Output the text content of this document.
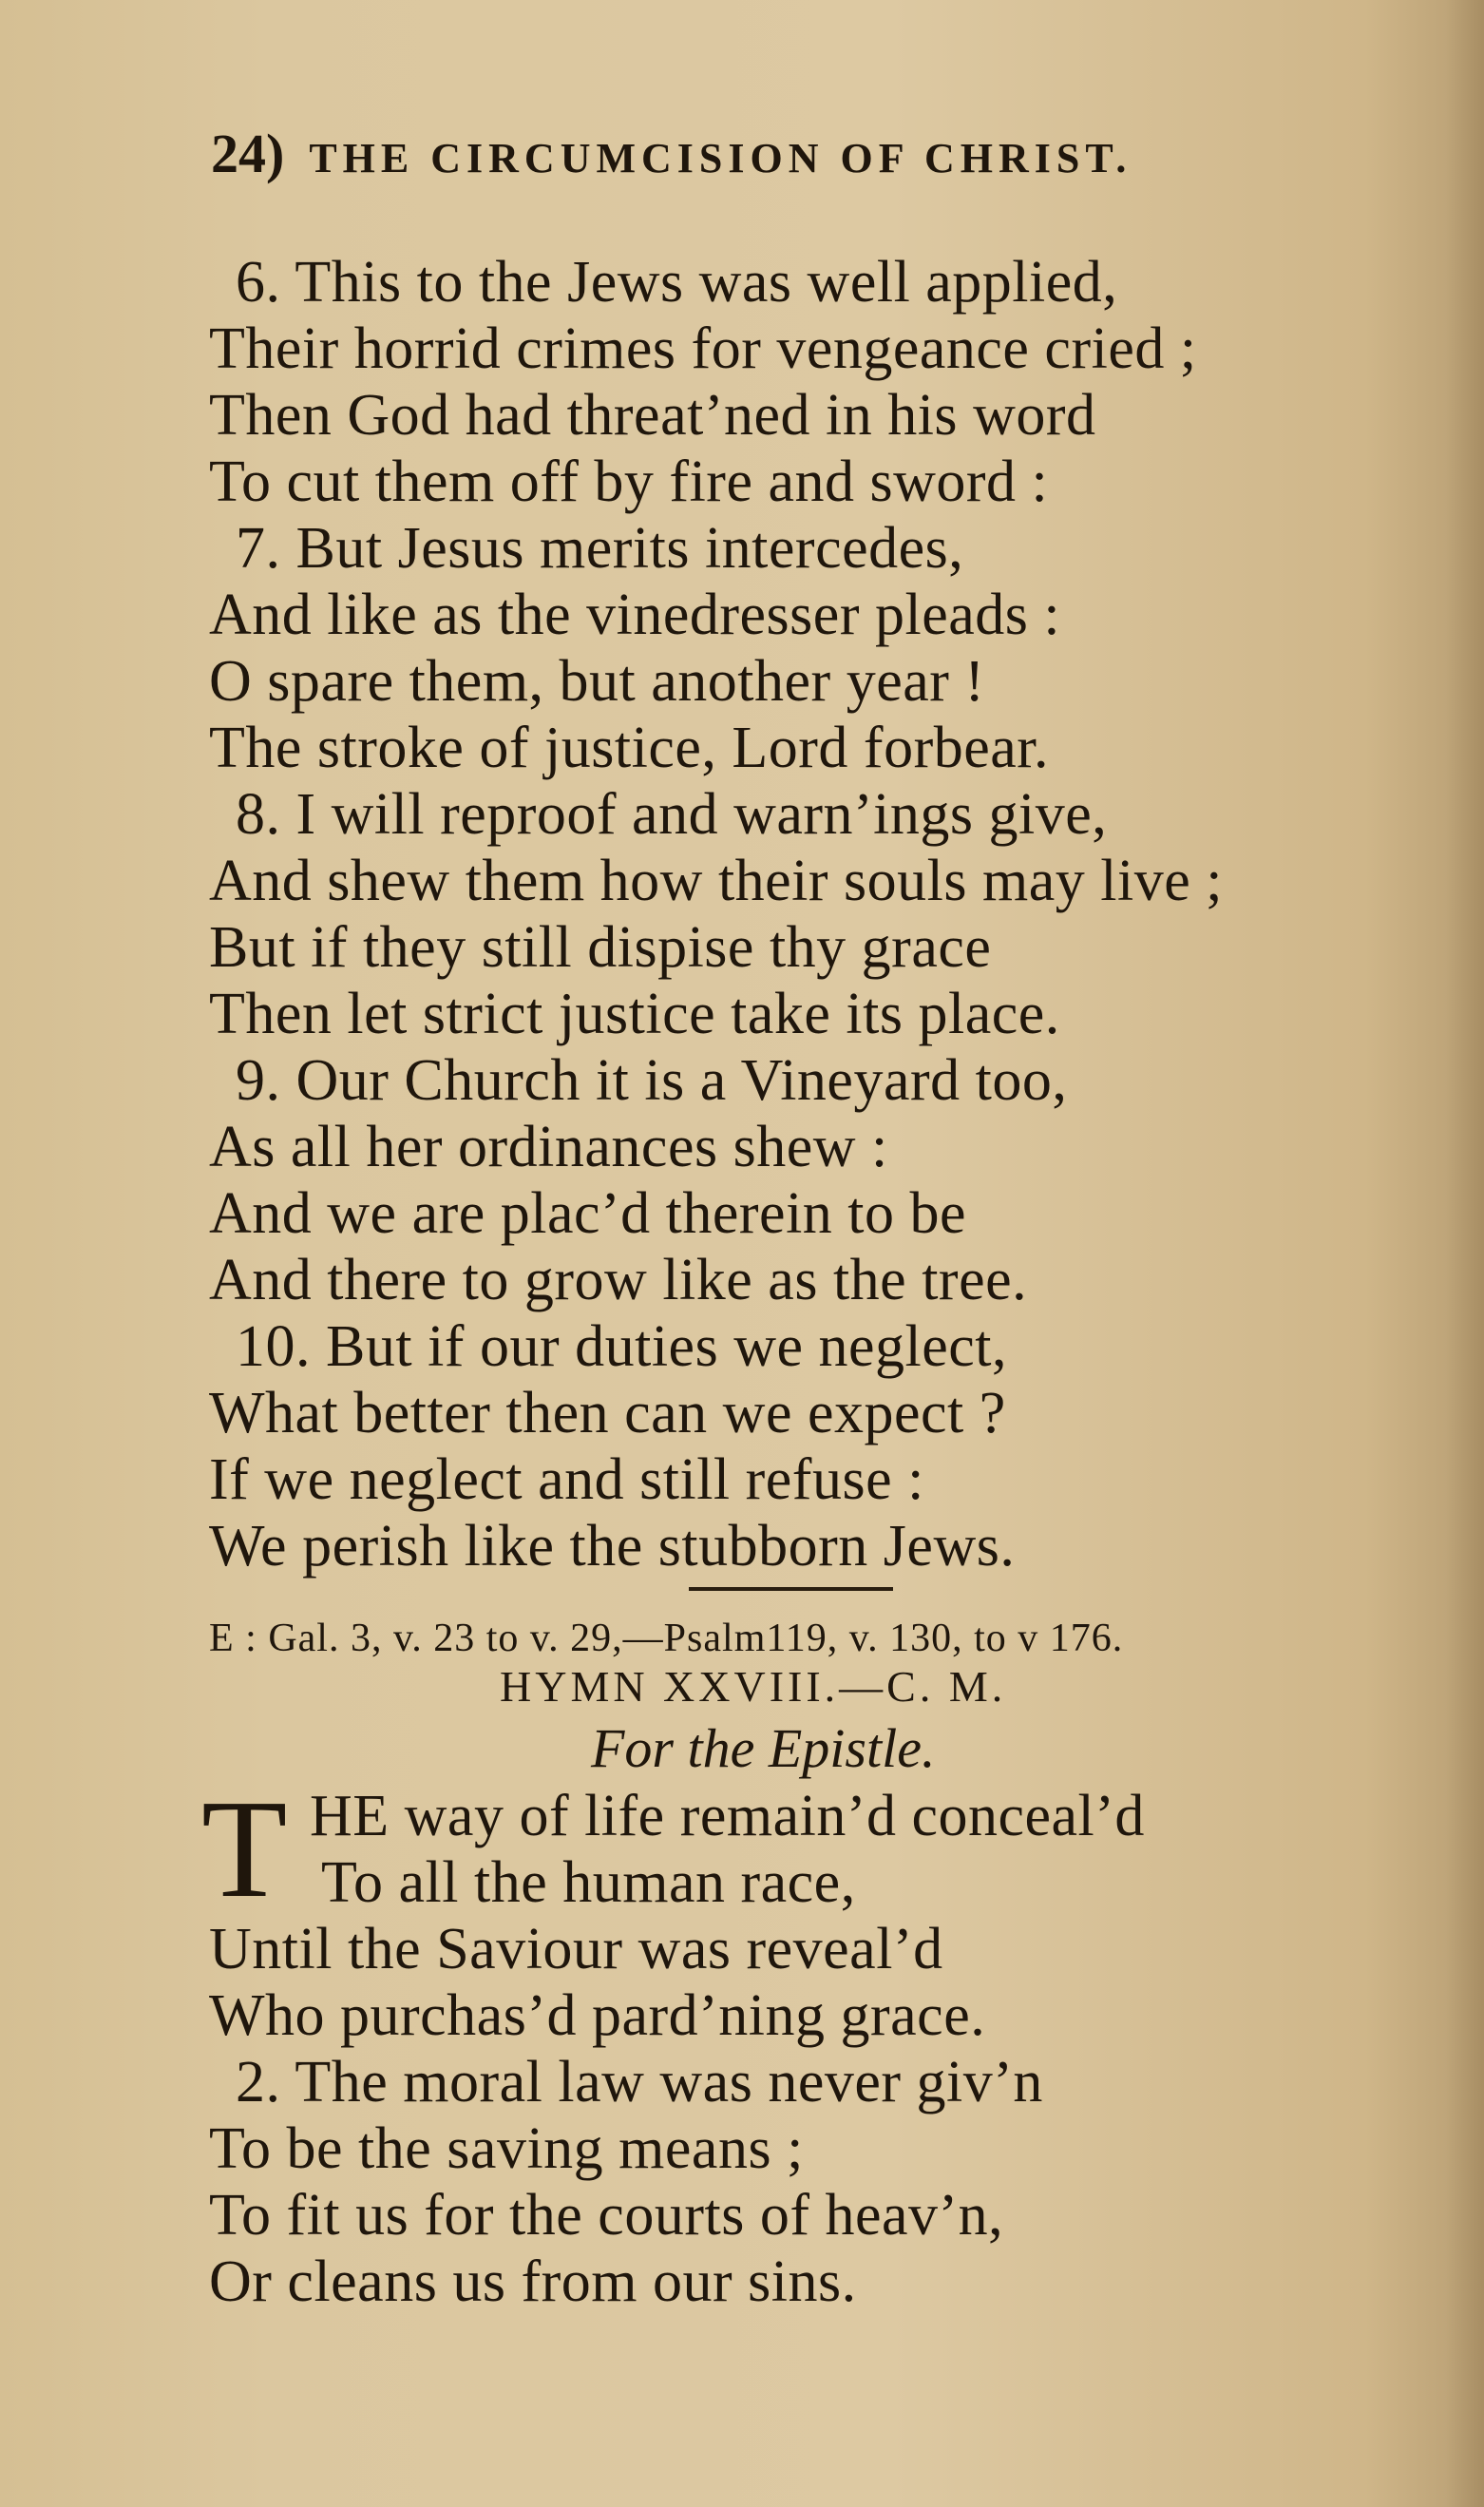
24) THE CIRCUMCISION OF CHRIST.
6. This to the Jews was well applied,
Their horrid crimes for vengeance cried ;
Then God had threat’ned in his word
To cut them off by fire and sword :
7. But Jesus merits intercedes,
And like as the vinedresser pleads :
O spare them, but another year !
The stroke of justice, Lord forbear.
8. I will reproof and warn’ings give,
And shew them how their souls may live ;
But if they still dispise thy grace
Then let strict justice take its place.
9. Our Church it is a Vineyard too,
As all her ordinances shew :
And we are plac’d therein to be
And there to grow like as the tree.
10. But if our duties we neglect,
What better then can we expect ?
If we neglect and still refuse :
We perish like the stubborn Jews.
E : Gal. 3, v. 23 to v. 29,—Psalm119, v. 130, to v 176.
HYMN XXVIII.—C. M.
For the Epistle.
T HE way of life remain’d conceal’d
To all the human race,
Until the Saviour was reveal’d
Who purchas’d pard’ning grace.
2. The moral law was never giv’n
To be the saving means ;
To fit us for the courts of heav’n,
Or cleans us from our sins.
